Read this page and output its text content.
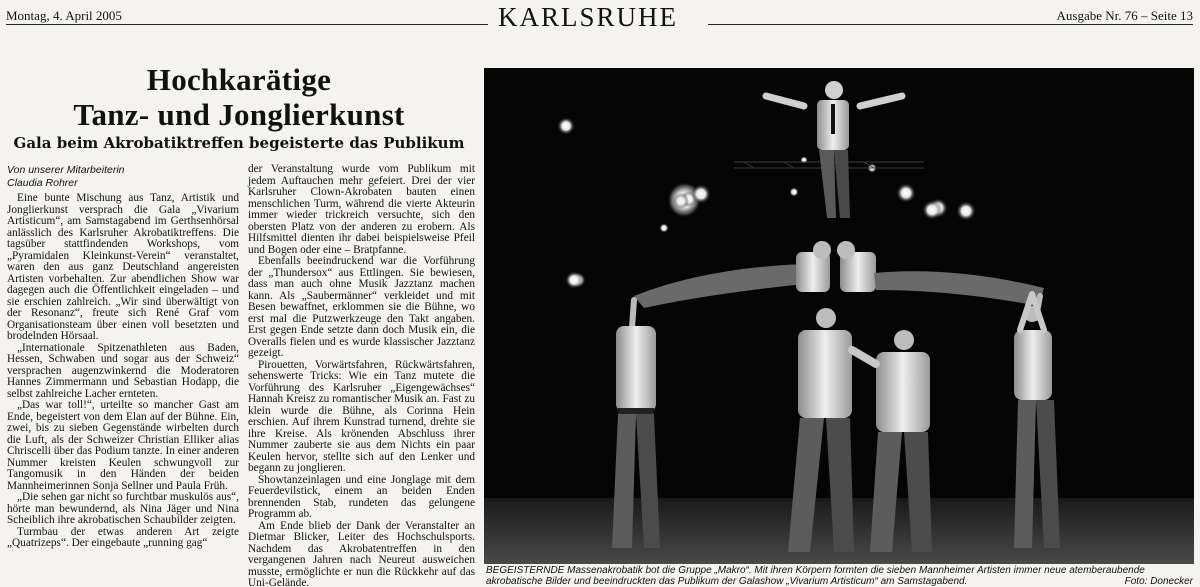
Montag, 4. April 2005	KARLSRUHE	Ausgabe Nr. 76 – Seite 13
Hochkarätige
Tanz- und Jonglierkunst
Gala beim Akrobatiktreffen begeisterte das Publikum
Von unserer Mitarbeiterin
Claudia Rohrer

Eine bunte Mischung aus Tanz, Artistik und Jonglierkunst versprach die Gala „Vivarium Artisticum“, am Samstagabend im Gerthsenhörsal anlässlich des Karlsruher Akrobatiktreffens. Die tagsüber stattfindenden Workshops, vom „Pyramidalen Kleinkunst-Verein“ veranstaltet, waren den aus ganz Deutschland angereisten Artisten vorbehalten. Zur abendlichen Show war dagegen auch die Öffentlichkeit eingeladen – und sie erschien zahlreich. „Wir sind überwältigt von der Resonanz“, freute sich René Graf vom Organisationsteam über einen voll besetzten und brodelnden Hörsaal.

„Internationale Spitzenathleten aus Baden, Hessen, Schwaben und sogar aus der Schweiz“ versprachen augenzwinkernd die Moderatoren Hannes Zimmermann und Sebastian Hodapp, die selbst zahlreiche Lacher ernteten.

„Das war toll!“, urteilte so mancher Gast am Ende, begeistert von dem Elan auf der Bühne. Ein, zwei, bis zu sieben Gegenstände wirbelten durch die Luft, als der Schweizer Christian Elliker alias Chriscelli über das Podium tanzte. In einer anderen Nummer kreisten Keulen schwungvoll zur Tangomusik in den Händen der beiden Mannheimerinnen Sonja Sellner und Paula Früh.

„Die sehen gar nicht so furchtbar muskulös aus“, hörte man bewundernd, als Nina Jäger und Nina Scheiblich ihre akrobatischen Schaubilder zeigten.

Turmbau der etwas anderen Art zeigte „Quatrizeps“. Der eingebaute „running gag“

der Veranstaltung wurde vom Publikum mit jedem Auftauchen mehr gefeiert. Drei der vier Karlsruher Clown-Akrobaten bauten einen menschlichen Turm, während die vierte Akteurin immer wieder trickreich versuchte, sich den obersten Platz von der anderen zu erobern. Als Hilfsmittel dienten ihr dabei beispielsweise Pfeil und Bogen oder eine – Bratpfanne.

Ebenfalls beeindruckend war die Vorführung der „Thundersox“ aus Ettlingen. Sie bewiesen, dass man auch ohne Musik Jazztanz machen kann. Als „Saubermänner“ verkleidet und mit Besen bewaffnet, erklommen sie die Bühne, wo erst mal die Putzwerkzeuge den Takt angaben. Erst gegen Ende setzte dann doch Musik ein, die Overalls fielen und es wurde klassischer Jazztanz gezeigt.

Pirouetten, Vorwärtsfahren, Rückwärtsfahren, sehenswerte Tricks: Wie ein Tanz mutete die Vorführung des Karlsruher „Eigengewächses“ Hannah Kreisz zu romantischer Musik an. Fast zu klein wurde die Bühne, als Corinna Hein erschien. Auf ihrem Kunstrad turnend, drehte sie ihre Kreise. Als krönenden Abschluss ihrer Nummer zauberte sie aus dem Nichts ein paar Keulen hervor, stellte sich auf den Lenker und begann zu jonglieren.

Showtanzeinlagen und eine Jonglage mit dem Feuerdevilstick, einem an beiden Enden brennenden Stab, rundeten das gelungene Programm ab.

Am Ende blieb der Dank der Veranstalter an Dietmar Blicker, Leiter des Hochschulsports. Nachdem das Akrobatentreffen in den vergangenen Jahren nach Neureut ausweichen musste, ermöglichte er nun die Rückkehr auf das Uni-Gelände.

BEGEISTERNDE Massenakrobatik bot die Gruppe „Makro“. Mit ihren Körpern formten die sieben Mannheimer Artisten immer neue atemberaubende akrobatische Bilder und beeindruckten das Publikum der Galashow „Vivarium Artisticum“ am Samstagabend.	Foto: Donecker
